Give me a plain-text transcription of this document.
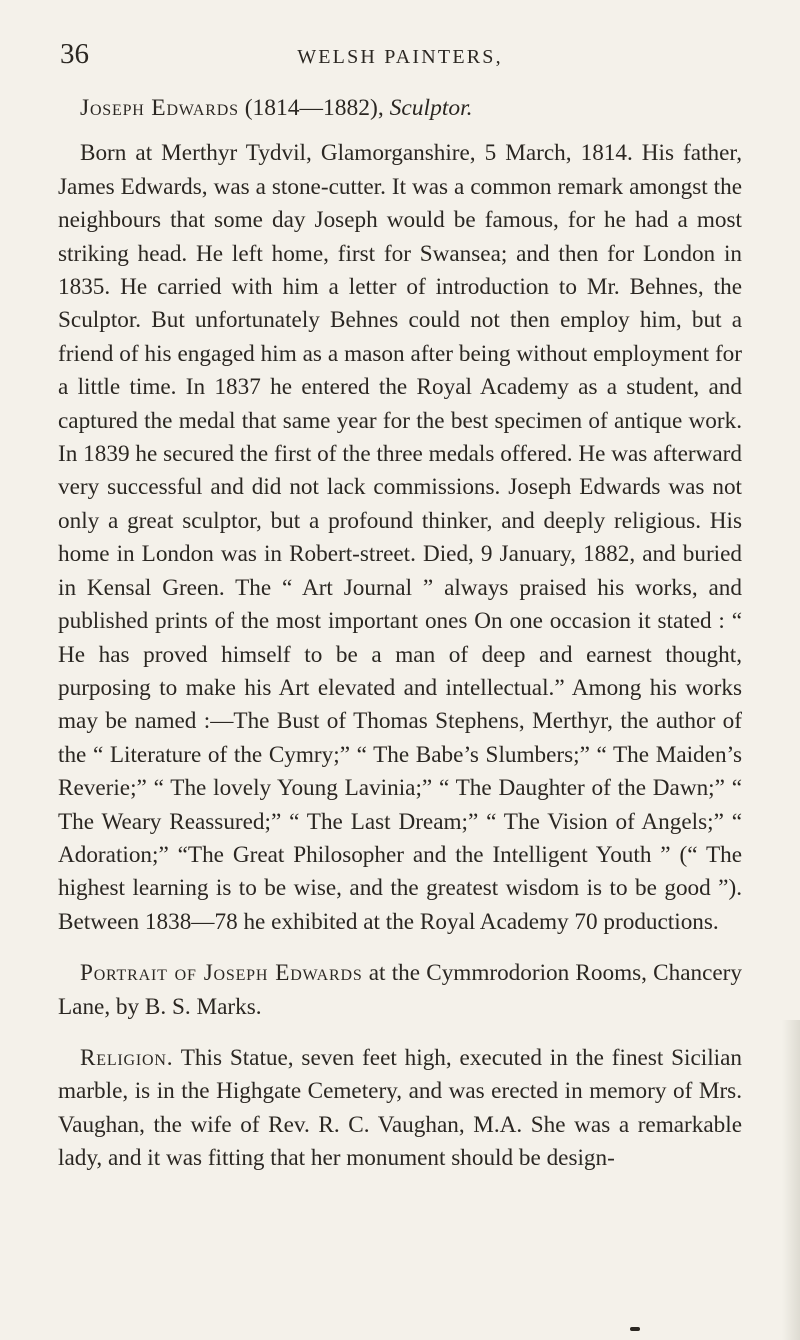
36	WELSH PAINTERS,
Joseph Edwards (1814—1882), Sculptor.

Born at Merthyr Tydvil, Glamorganshire, 5 March, 1814. His father, James Edwards, was a stone-cutter. It was a common remark amongst the neighbours that some day Joseph would be famous, for he had a most striking head. He left home, first for Swansea; and then for London in 1835. He carried with him a letter of introduction to Mr. Behnes, the Sculptor. But unfortunately Behnes could not then employ him, but a friend of his engaged him as a mason after being without employment for a little time. In 1837 he entered the Royal Academy as a student, and captured the medal that same year for the best specimen of antique work. In 1839 he secured the first of the three medals offered. He was afterward very successful and did not lack commissions. Joseph Edwards was not only a great sculptor, but a profound thinker, and deeply religious. His home in London was in Robert-street. Died, 9 January, 1882, and buried in Kensal Green. The “ Art Journal ” always praised his works, and published prints of the most important ones On one occasion it stated : “ He has proved himself to be a man of deep and earnest thought, purposing to make his Art elevated and intellectual.” Among his works may be named :—The Bust of Thomas Stephens, Merthyr, the author of the “ Literature of the Cymry;” “ The Babe’s Slumbers;” “ The Maiden’s Reverie;” “ The lovely Young Lavinia;” “ The Daughter of the Dawn;” “ The Weary Reassured;” “ The Last Dream;” “ The Vision of Angels;” “ Adoration;” “The Great Philosopher and the Intelligent Youth ” (“ The highest learning is to be wise, and the greatest wisdom is to be good ”). Between 1838—78 he exhibited at the Royal Academy 70 productions.

Portrait of Joseph Edwards at the Cymmrodorion Rooms, Chancery Lane, by B. S. Marks.

Religion. This Statue, seven feet high, executed in the finest Sicilian marble, is in the Highgate Cemetery, and was erected in memory of Mrs. Vaughan, the wife of Rev. R. C. Vaughan, M.A. She was a remarkable lady, and it was fitting that her monument should be design-
